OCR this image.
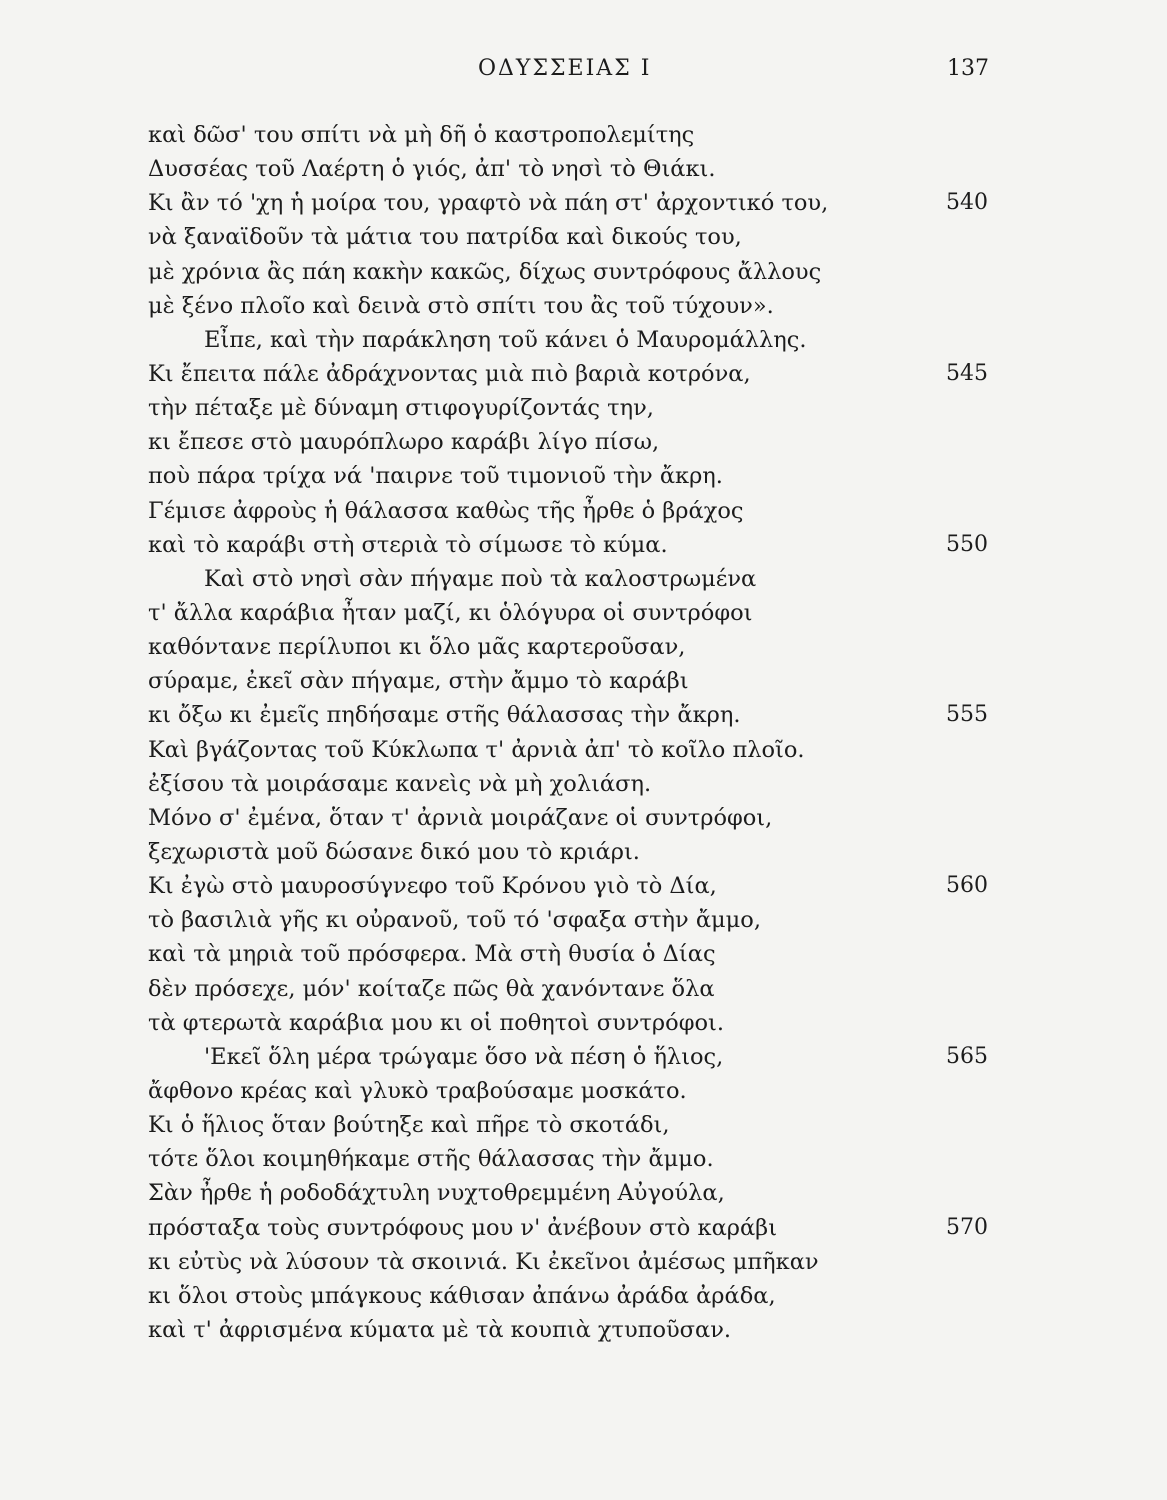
ΟΔΥΣΣΕΙΑΣ Ι	137
καὶ δῶσ' του σπίτι νὰ μὴ δῆ ὁ καστροπολεμίτης
Δυσσέας τοῦ Λαέρτη ὁ γιός, ἀπ' τὸ νησὶ τὸ Θιάκι.
Κι ἂν τό 'χη ἡ μοίρα του, γραφτὸ νὰ πάη στ' ἀρχοντικό του,	540
νὰ ξαναϊδοῦν τὰ μάτια του πατρίδα καὶ δικούς του,
μὲ χρόνια ἂς πάη κακὴν κακῶς, δίχως συντρόφους ἄλλους
μὲ ξένο πλοῖο καὶ δεινὰ στὸ σπίτι του ἂς τοῦ τύχουν».
Εἶπε, καὶ τὴν παράκληση τοῦ κάνει ὁ Μαυρομάλλης.
Κι ἔπειτα πάλε ἀδράχνοντας μιὰ πιὸ βαριὰ κοτρόνα,	545
τὴν πέταξε μὲ δύναμη στιφογυρίζοντάς την,
κι ἔπεσε στὸ μαυρόπλωρο καράβι λίγο πίσω,
ποὺ πάρα τρίχα νά 'παιρνε τοῦ τιμονιοῦ τὴν ἄκρη.
Γέμισε ἀφροὺς ἡ θάλασσα καθὼς τῆς ἦρθε ὁ βράχος
καὶ τὸ καράβι στὴ στεριὰ τὸ σίμωσε τὸ κύμα.	550
Καὶ στὸ νησὶ σὰν πήγαμε ποὺ τὰ καλοστρωμένα
τ' ἄλλα καράβια ἦταν μαζί, κι ὁλόγυρα οἱ συντρόφοι
καθόντανε περίλυποι κι ὅλο μᾶς καρτεροῦσαν,
σύραμε, ἐκεῖ σὰν πήγαμε, στὴν ἄμμο τὸ καράβι
κι ὄξω κι ἐμεῖς πηδήσαμε στῆς θάλασσας τὴν ἄκρη.	555
Καὶ βγάζοντας τοῦ Κύκλωπα τ' ἀρνιὰ ἀπ' τὸ κοῖλο πλοῖο.
ἐξίσου τὰ μοιράσαμε κανεὶς νὰ μὴ χολιάση.
Μόνο σ' ἐμένα, ὅταν τ' ἀρνιὰ μοιράζανε οἱ συντρόφοι,
ξεχωριστὰ μοῦ δώσανε δικό μου τὸ κριάρι.
Κι ἐγὼ στὸ μαυροσύγνεφο τοῦ Κρόνου γιὸ τὸ Δία,	560
τὸ βασιλιὰ γῆς κι οὐρανοῦ, τοῦ τό 'σφαξα στὴν ἄμμο,
καὶ τὰ μηριὰ τοῦ πρόσφερα. Μὰ στὴ θυσία ὁ Δίας
δὲν πρόσεχε, μόν' κοίταζε πῶς θὰ χανόντανε ὅλα
τὰ φτερωτὰ καράβια μου κι οἱ ποθητοὶ συντρόφοι.
'Εκεῖ ὅλη μέρα τρώγαμε ὅσο νὰ πέση ὁ ἥλιος,	565
ἄφθονο κρέας καὶ γλυκὸ τραβούσαμε μοσκάτο.
Κι ὁ ἥλιος ὅταν βούτηξε καὶ πῆρε τὸ σκοτάδι,
τότε ὅλοι κοιμηθήκαμε στῆς θάλασσας τὴν ἄμμο.
Σὰν ἦρθε ἡ ροδοδάχτυλη νυχτοθρεμμένη Αὐγούλα,
πρόσταξα τοὺς συντρόφους μου ν' ἀνέβουν στὸ καράβι	570
κι εὐτὺς νὰ λύσουν τὰ σκοινιά. Κι ἐκεῖνοι ἀμέσως μπῆκαν
κι ὅλοι στοὺς μπάγκους κάθισαν ἀπάνω ἀράδα ἀράδα,
καὶ τ' ἀφρισμένα κύματα μὲ τὰ κουπιὰ χτυποῦσαν.
